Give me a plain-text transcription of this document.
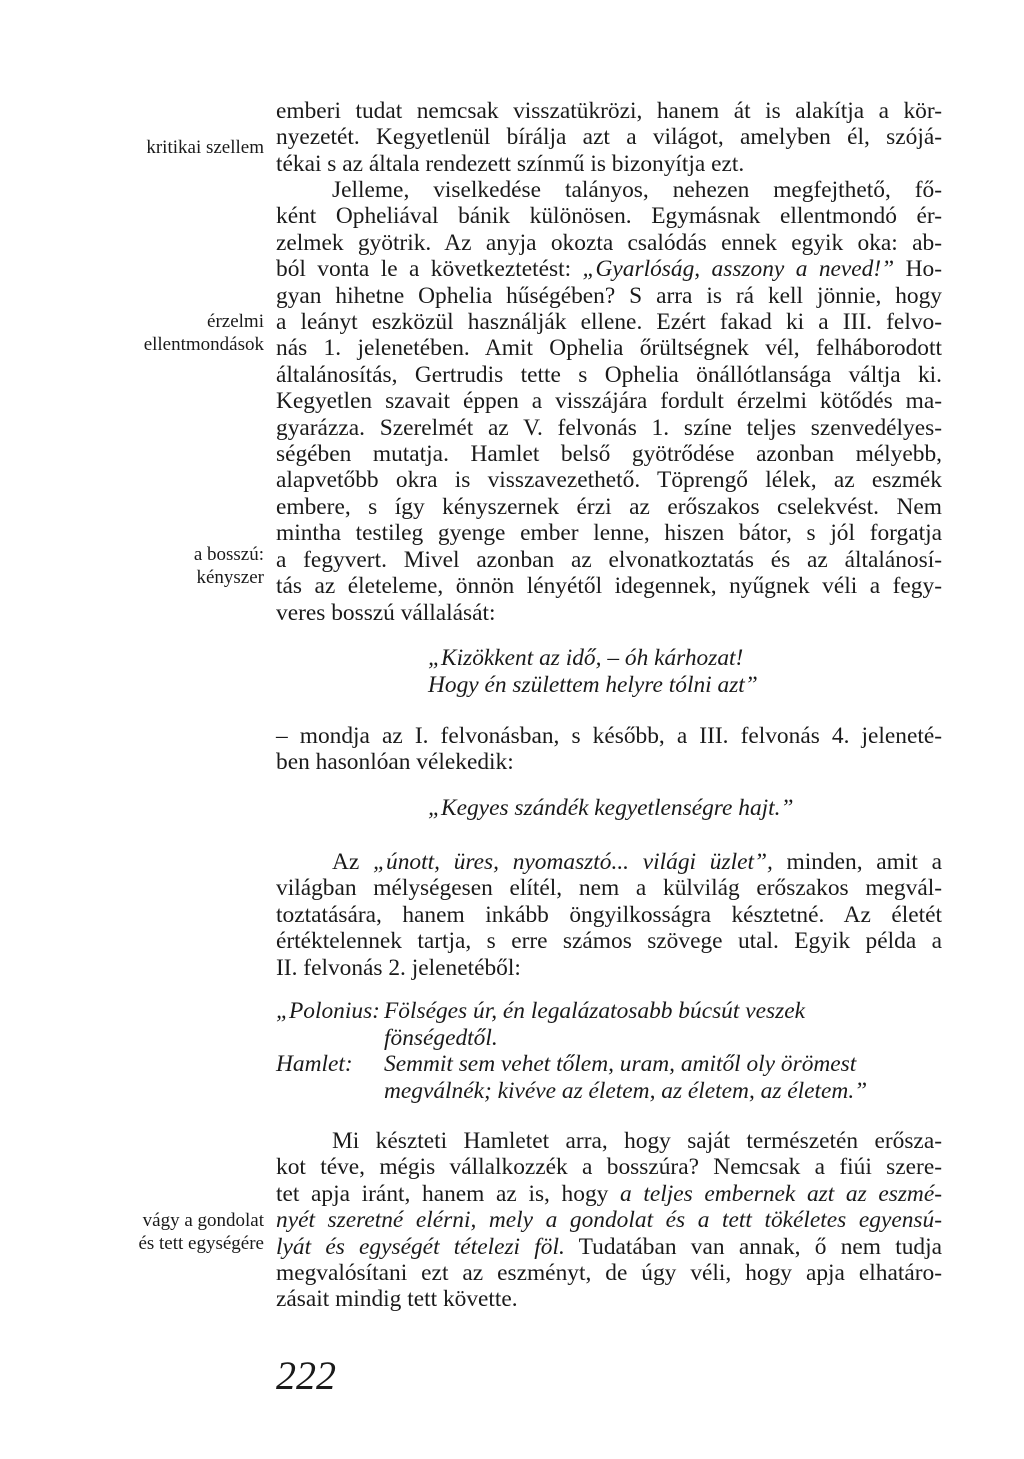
kritikai szellem
érzelmi
ellentmondások
a bosszú:
kényszer
vágy a gondolat
és tett egységére
emberi tudat nemcsak visszatükrözi, hanem át is alakítja a kör-
nyezetét. Kegyetlenül bírálja azt a világot, amelyben él, szójá-
tékai s az általa rendezett színmű is bizonyítja ezt.
Jelleme, viselkedése talányos, nehezen megfejthető, fő-
ként Opheliával bánik különösen. Egymásnak ellentmondó ér-
zelmek gyötrik. Az anyja okozta csalódás ennek egyik oka: ab-
ból vonta le a következtetést: „Gyarlóság, asszony a neved!” Ho-
gyan hihetne Ophelia hűségében? S arra is rá kell jönnie, hogy
a leányt eszközül használják ellene. Ezért fakad ki a III. felvo-
nás 1. jelenetében. Amit Ophelia őrültségnek vél, felháborodott
általánosítás, Gertrudis tette s Ophelia önállótlansága váltja ki.
Kegyetlen szavait éppen a visszájára fordult érzelmi kötődés ma-
gyarázza. Szerelmét az V. felvonás 1. színe teljes szenvedélyes-
ségében mutatja. Hamlet belső gyötrődése azonban mélyebb,
alapvetőbb okra is visszavezethető. Töprengő lélek, az eszmék
embere, s így kényszernek érzi az erőszakos cselekvést. Nem
mintha testileg gyenge ember lenne, hiszen bátor, s jól forgatja
a fegyvert. Mivel azonban az elvonatkoztatás és az általánosí-
tás az életeleme, önnön lényétől idegennek, nyűgnek véli a fegy-
veres bosszú vállalását:
„Kizökkent az idő, – óh kárhozat!
Hogy én születtem helyre tólni azt”
– mondja az I. felvonásban, s később, a III. felvonás 4. jeleneté-
ben hasonlóan vélekedik:
„Kegyes szándék kegyetlenségre hajt.”
Az „únott, üres, nyomasztó... világi üzlet”, minden, amit a
világban mélységesen elítél, nem a külvilág erőszakos megvál-
toztatására, hanem inkább öngyilkosságra késztetné. Az életét
értéktelennek tartja, s erre számos szövege utal. Egyik példa a
II. felvonás 2. jelenetéből:
„Polonius: Fölséges úr, én legalázatosabb búcsút veszek
fönségedtől.
Hamlet:	Semmit sem vehet tőlem, uram, amitől oly örömest
megválnék; kivéve az életem, az életem, az életem.”
Mi készteti Hamletet arra, hogy saját természetén erősza-
kot téve, mégis vállalkozzék a bosszúra? Nemcsak a fiúi szere-
tet apja iránt, hanem az is, hogy a teljes embernek azt az eszmé-
nyét szeretné elérni, mely a gondolat és a tett tökéletes egyensú-
lyát és egységét tételezi föl. Tudatában van annak, ő nem tudja
megvalósítani ezt az eszményt, de úgy véli, hogy apja elhatáro-
zásait mindig tett követte.
222
